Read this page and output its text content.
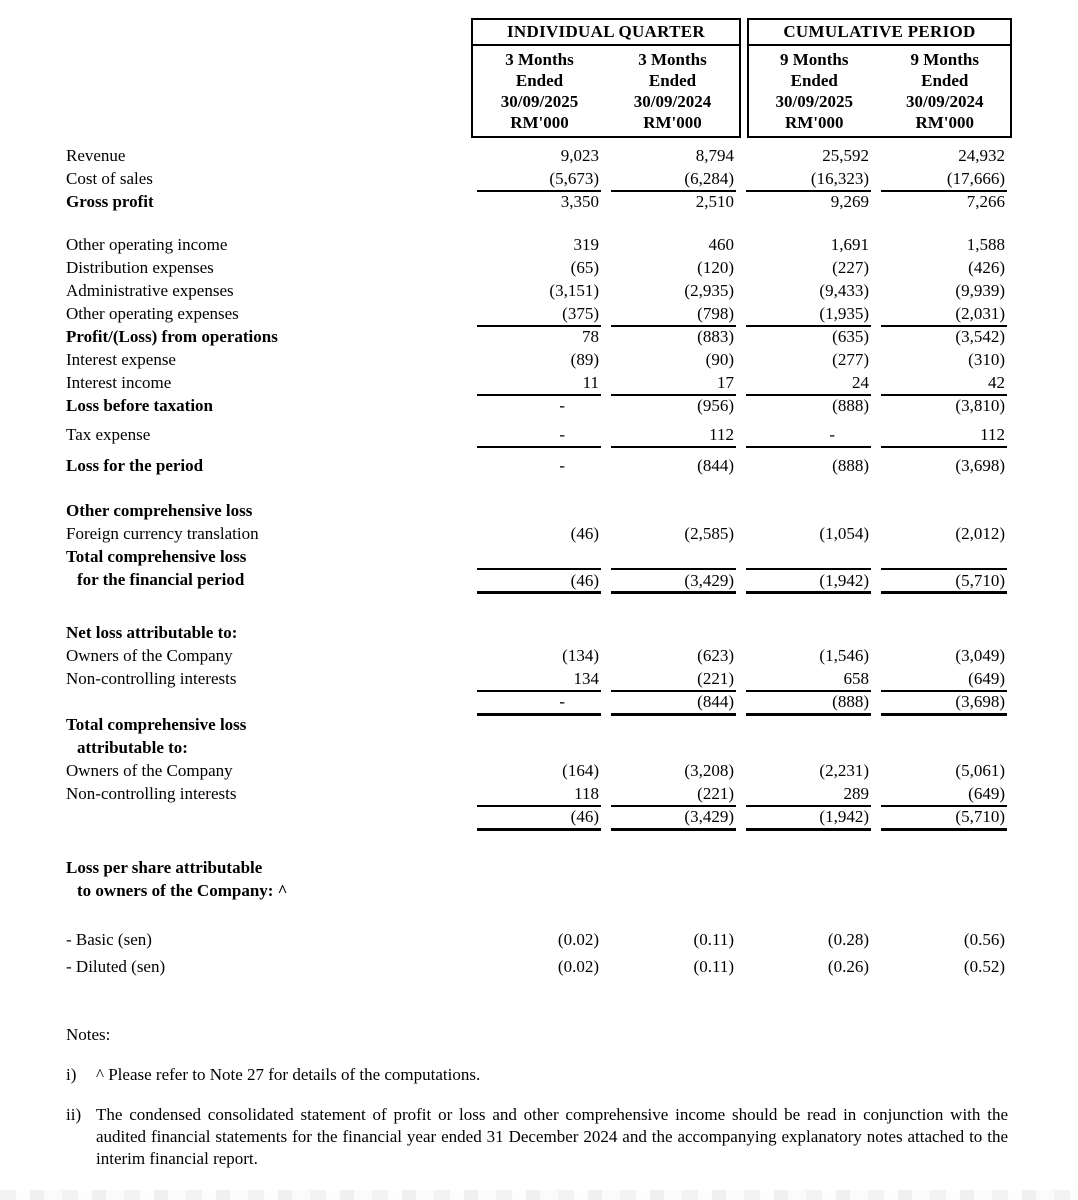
INDIVIDUAL QUARTER
3 Months
Ended
30/09/2025
RM'000
3 Months
Ended
30/09/2024
RM'000
CUMULATIVE PERIOD
9 Months
Ended
30/09/2025
RM'000
9 Months
Ended
30/09/2024
RM'000
Revenue	9,023	8,794	25,592	24,932
Cost of sales	(5,673)	(6,284)	(16,323)	(17,666)
Gross profit	3,350	2,510	9,269	7,266
Other operating income	319	460	1,691	1,588
Distribution expenses	(65)	(120)	(227)	(426)
Administrative expenses	(3,151)	(2,935)	(9,433)	(9,939)
Other operating expenses	(375)	(798)	(1,935)	(2,031)
Profit/(Loss) from operations	78	(883)	(635)	(3,542)
Interest expense	(89)	(90)	(277)	(310)
Interest income	11	17	24	42
Loss before taxation	-	(956)	(888)	(3,810)
Tax expense	-	112	-	112
Loss for the period	-	(844)	(888)	(3,698)
Other comprehensive loss
Foreign currency translation	(46)	(2,585)	(1,054)	(2,012)
Total comprehensive loss
for the financial period	(46)	(3,429)	(1,942)	(5,710)
Net loss attributable to:
Owners of the Company	(134)	(623)	(1,546)	(3,049)
Non-controlling interests	134	(221)	658	(649)
-	(844)	(888)	(3,698)
Total comprehensive loss
attributable to:
Owners of the Company	(164)	(3,208)	(2,231)	(5,061)
Non-controlling interests	118	(221)	289	(649)
(46)	(3,429)	(1,942)	(5,710)
Loss per share attributable
to owners of the Company: ^
- Basic (sen)	(0.02)	(0.11)	(0.28)	(0.56)
- Diluted (sen)	(0.02)	(0.11)	(0.26)	(0.52)
Notes:
i)	^ Please refer to Note 27 for details of the computations.
ii) The condensed consolidated statement of profit or loss and other comprehensive income should be read in conjunction with the audited financial statements for the financial year ended 31 December 2024 and the accompanying explanatory notes attached to the interim financial report.
